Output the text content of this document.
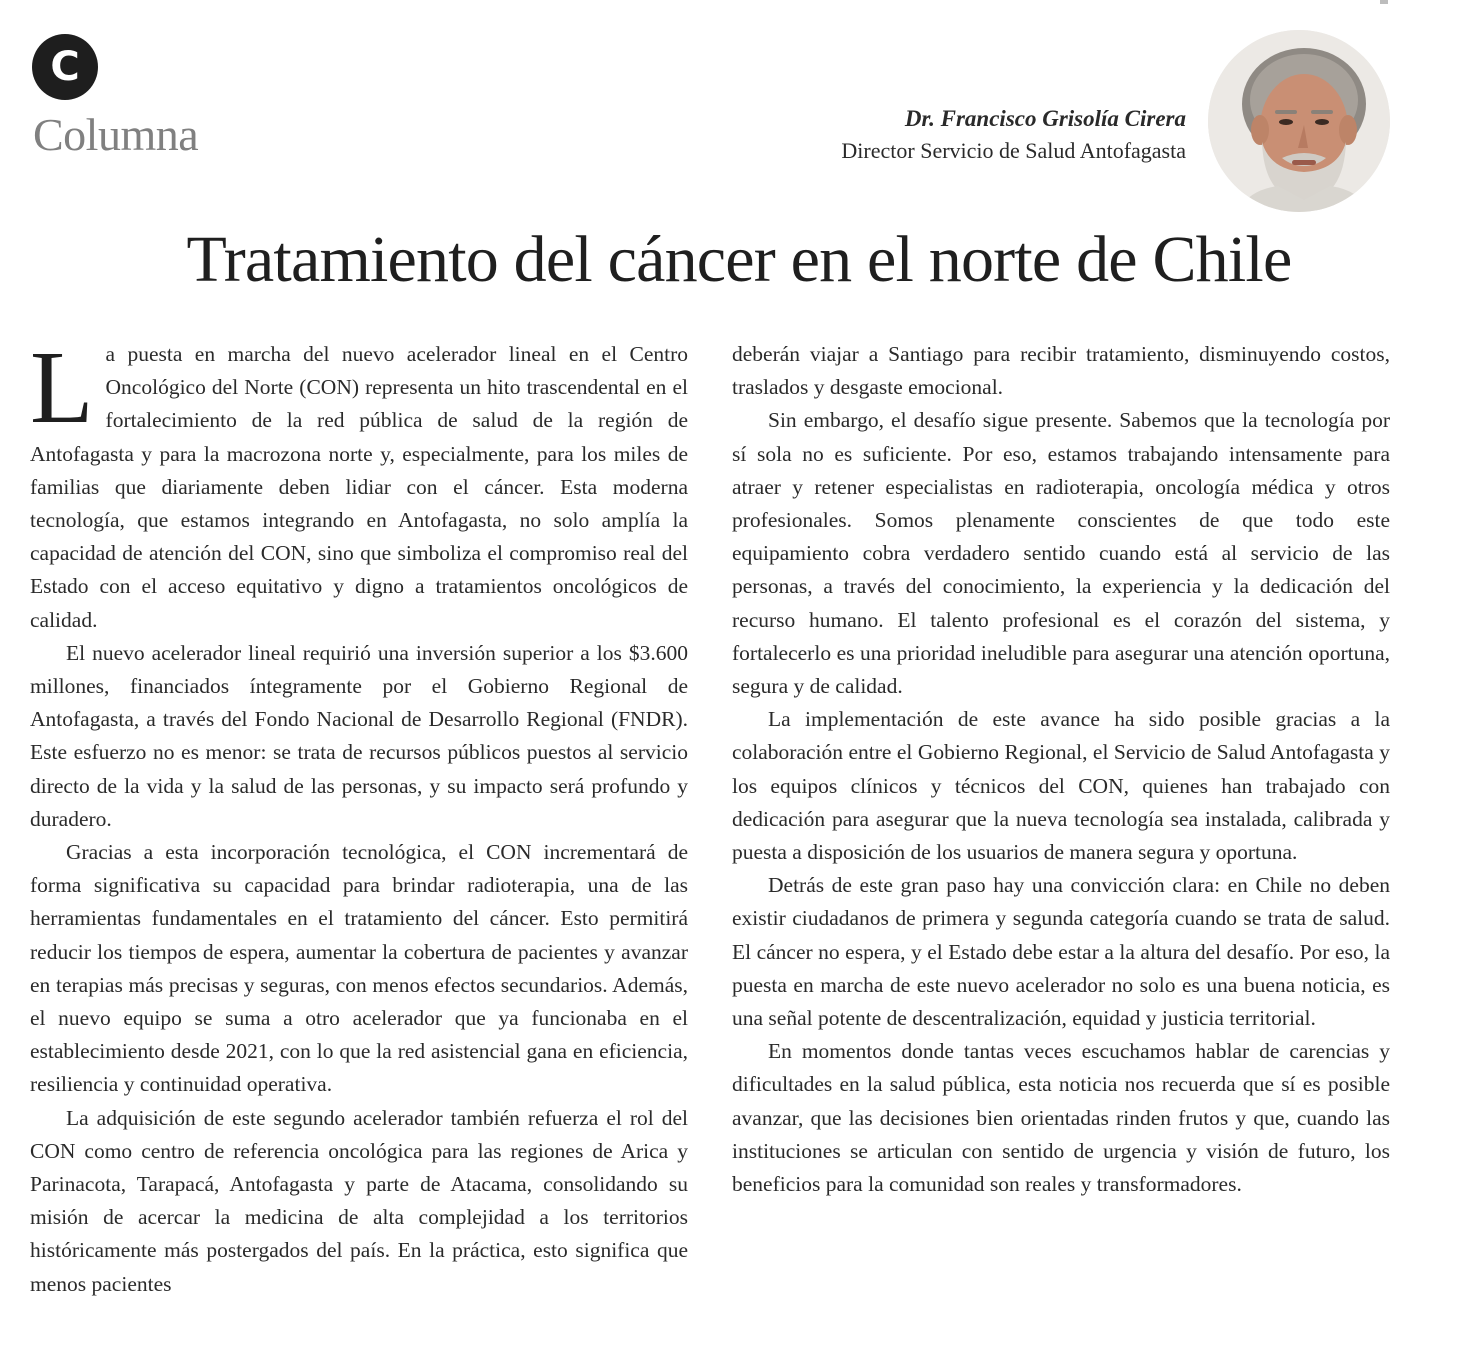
C
Columna	Dr. Francisco Grisolía Cirera
Director Servicio de Salud Antofagasta
Tratamiento del cáncer en el norte de Chile

La puesta en marcha del nuevo acelerador lineal en el Centro Oncológico del Norte (CON) representa un hito trascendental en el fortalecimiento de la red pública de salud de la región de Antofagasta y para la macrozona norte y, especialmente, para los miles de familias que diariamente deben lidiar con el cáncer. Esta moderna tecnología, que estamos integrando en Antofagasta, no solo amplía la capacidad de atención del CON, sino que simboliza el compromiso real del Estado con el acceso equitativo y digno a tratamientos oncológicos de calidad.

El nuevo acelerador lineal requirió una inversión superior a los $3.600 millones, financiados íntegramente por el Gobierno Regional de Antofagasta, a través del Fondo Nacional de Desarrollo Regional (FNDR). Este esfuerzo no es menor: se trata de recursos públicos puestos al servicio directo de la vida y la salud de las personas, y su impacto será profundo y duradero.

Gracias a esta incorporación tecnológica, el CON incrementará de forma significativa su capacidad para brindar radioterapia, una de las herramientas fundamentales en el tratamiento del cáncer. Esto permitirá reducir los tiempos de espera, aumentar la cobertura de pacientes y avanzar en terapias más precisas y seguras, con menos efectos secundarios. Además, el nuevo equipo se suma a otro acelerador que ya funcionaba en el establecimiento desde 2021, con lo que la red asistencial gana en eficiencia, resiliencia y continuidad operativa.

La adquisición de este segundo acelerador también refuerza el rol del CON como centro de referencia oncológica para las regiones de Arica y Parinacota, Tarapacá, Antofagasta y parte de Atacama, consolidando su misión de acercar la medicina de alta complejidad a los territorios históricamente más postergados del país. En la práctica, esto significa que menos pacientes

deberán viajar a Santiago para recibir tratamiento, disminuyendo costos, traslados y desgaste emocional.

Sin embargo, el desafío sigue presente. Sabemos que la tecnología por sí sola no es suficiente. Por eso, estamos trabajando intensamente para atraer y retener especialistas en radioterapia, oncología médica y otros profesionales. Somos plenamente conscientes de que todo este equipamiento cobra verdadero sentido cuando está al servicio de las personas, a través del conocimiento, la experiencia y la dedicación del recurso humano. El talento profesional es el corazón del sistema, y fortalecerlo es una prioridad ineludible para asegurar una atención oportuna, segura y de calidad.

La implementación de este avance ha sido posible gracias a la colaboración entre el Gobierno Regional, el Servicio de Salud Antofagasta y los equipos clínicos y técnicos del CON, quienes han trabajado con dedicación para asegurar que la nueva tecnología sea instalada, calibrada y puesta a disposición de los usuarios de manera segura y oportuna.

Detrás de este gran paso hay una convicción clara: en Chile no deben existir ciudadanos de primera y segunda categoría cuando se trata de salud. El cáncer no espera, y el Estado debe estar a la altura del desafío. Por eso, la puesta en marcha de este nuevo acelerador no solo es una buena noticia, es una señal potente de descentralización, equidad y justicia territorial.

En momentos donde tantas veces escuchamos hablar de carencias y dificultades en la salud pública, esta noticia nos recuerda que sí es posible avanzar, que las decisiones bien orientadas rinden frutos y que, cuando las instituciones se articulan con sentido de urgencia y visión de futuro, los beneficios para la comunidad son reales y transformadores.
